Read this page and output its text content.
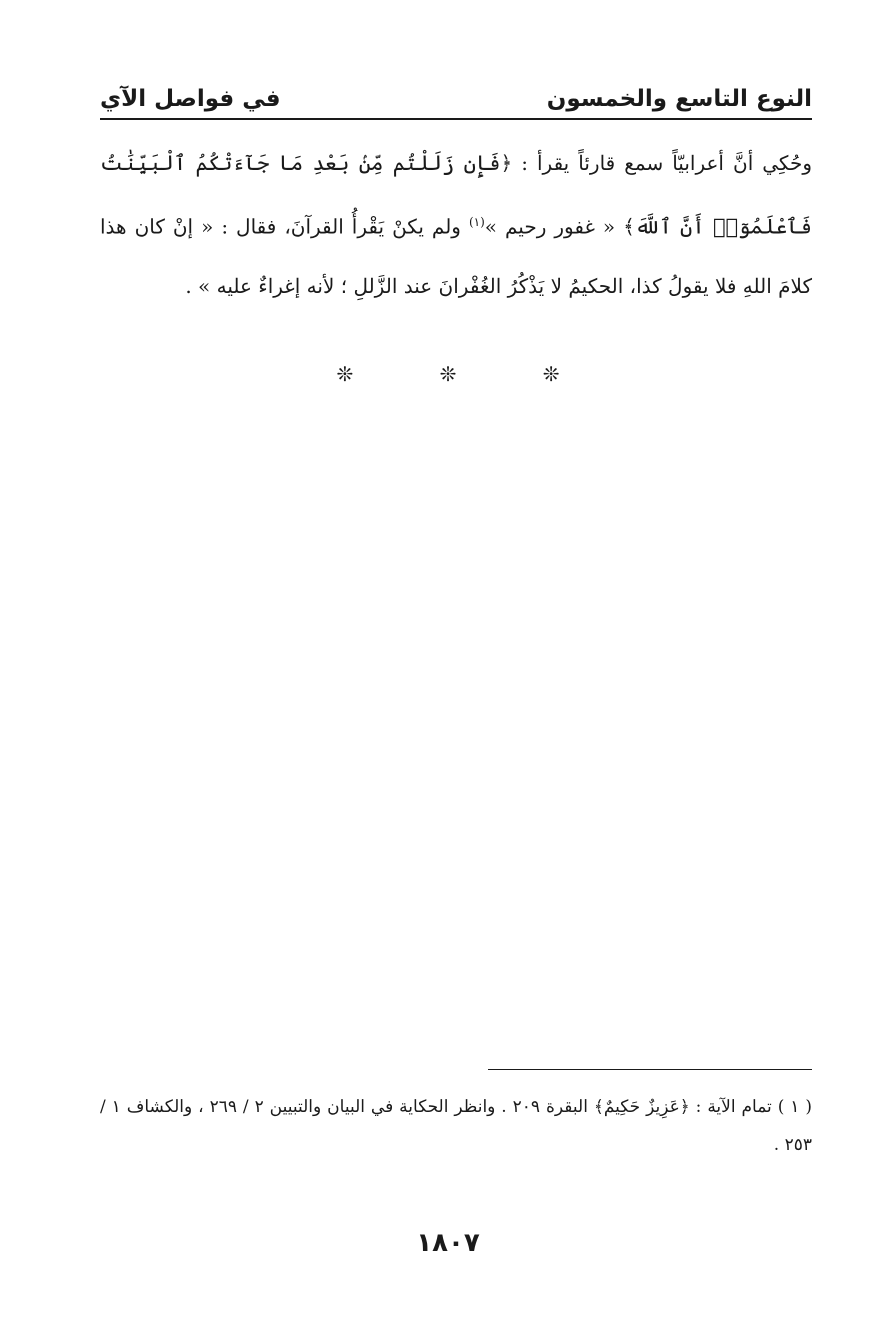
النوع التاسع والخمسون
في فواصل الآي
وحُكِي أنَّ أعرابيّاً سمع قارئاً يقرأ : ﴿فَإِن زَلَلْتُم مِّنۢ بَعْدِ مَا جَآءَتْكُمُ ٱلْبَيِّنَٰتُ فَٱعْلَمُوٓا۟ أَنَّ ٱللَّهَ﴾ « غفور رحيم »$^{(١)}$ ولم يكنْ يَقْرأُ القرآنَ، فقال : « إنْ كان هذا كلامَ اللهِ فلا يقولُ كذا، الحكيمُ لا يَذْكُرُ الغُفْرانَ عند الزَّللِ ؛ لأنه إغراءٌ عليه » .
❊ ❊ ❊
( ١ ) تمام الآية : ﴿عَزِيزٌ حَكِيمٌ﴾ البقرة ٢٠٩ . وانظر الحكاية في البيان والتبيين ٢ / ٢٦٩ ، والكشاف ١ / ٢٥٣ .
١٨٠٧
